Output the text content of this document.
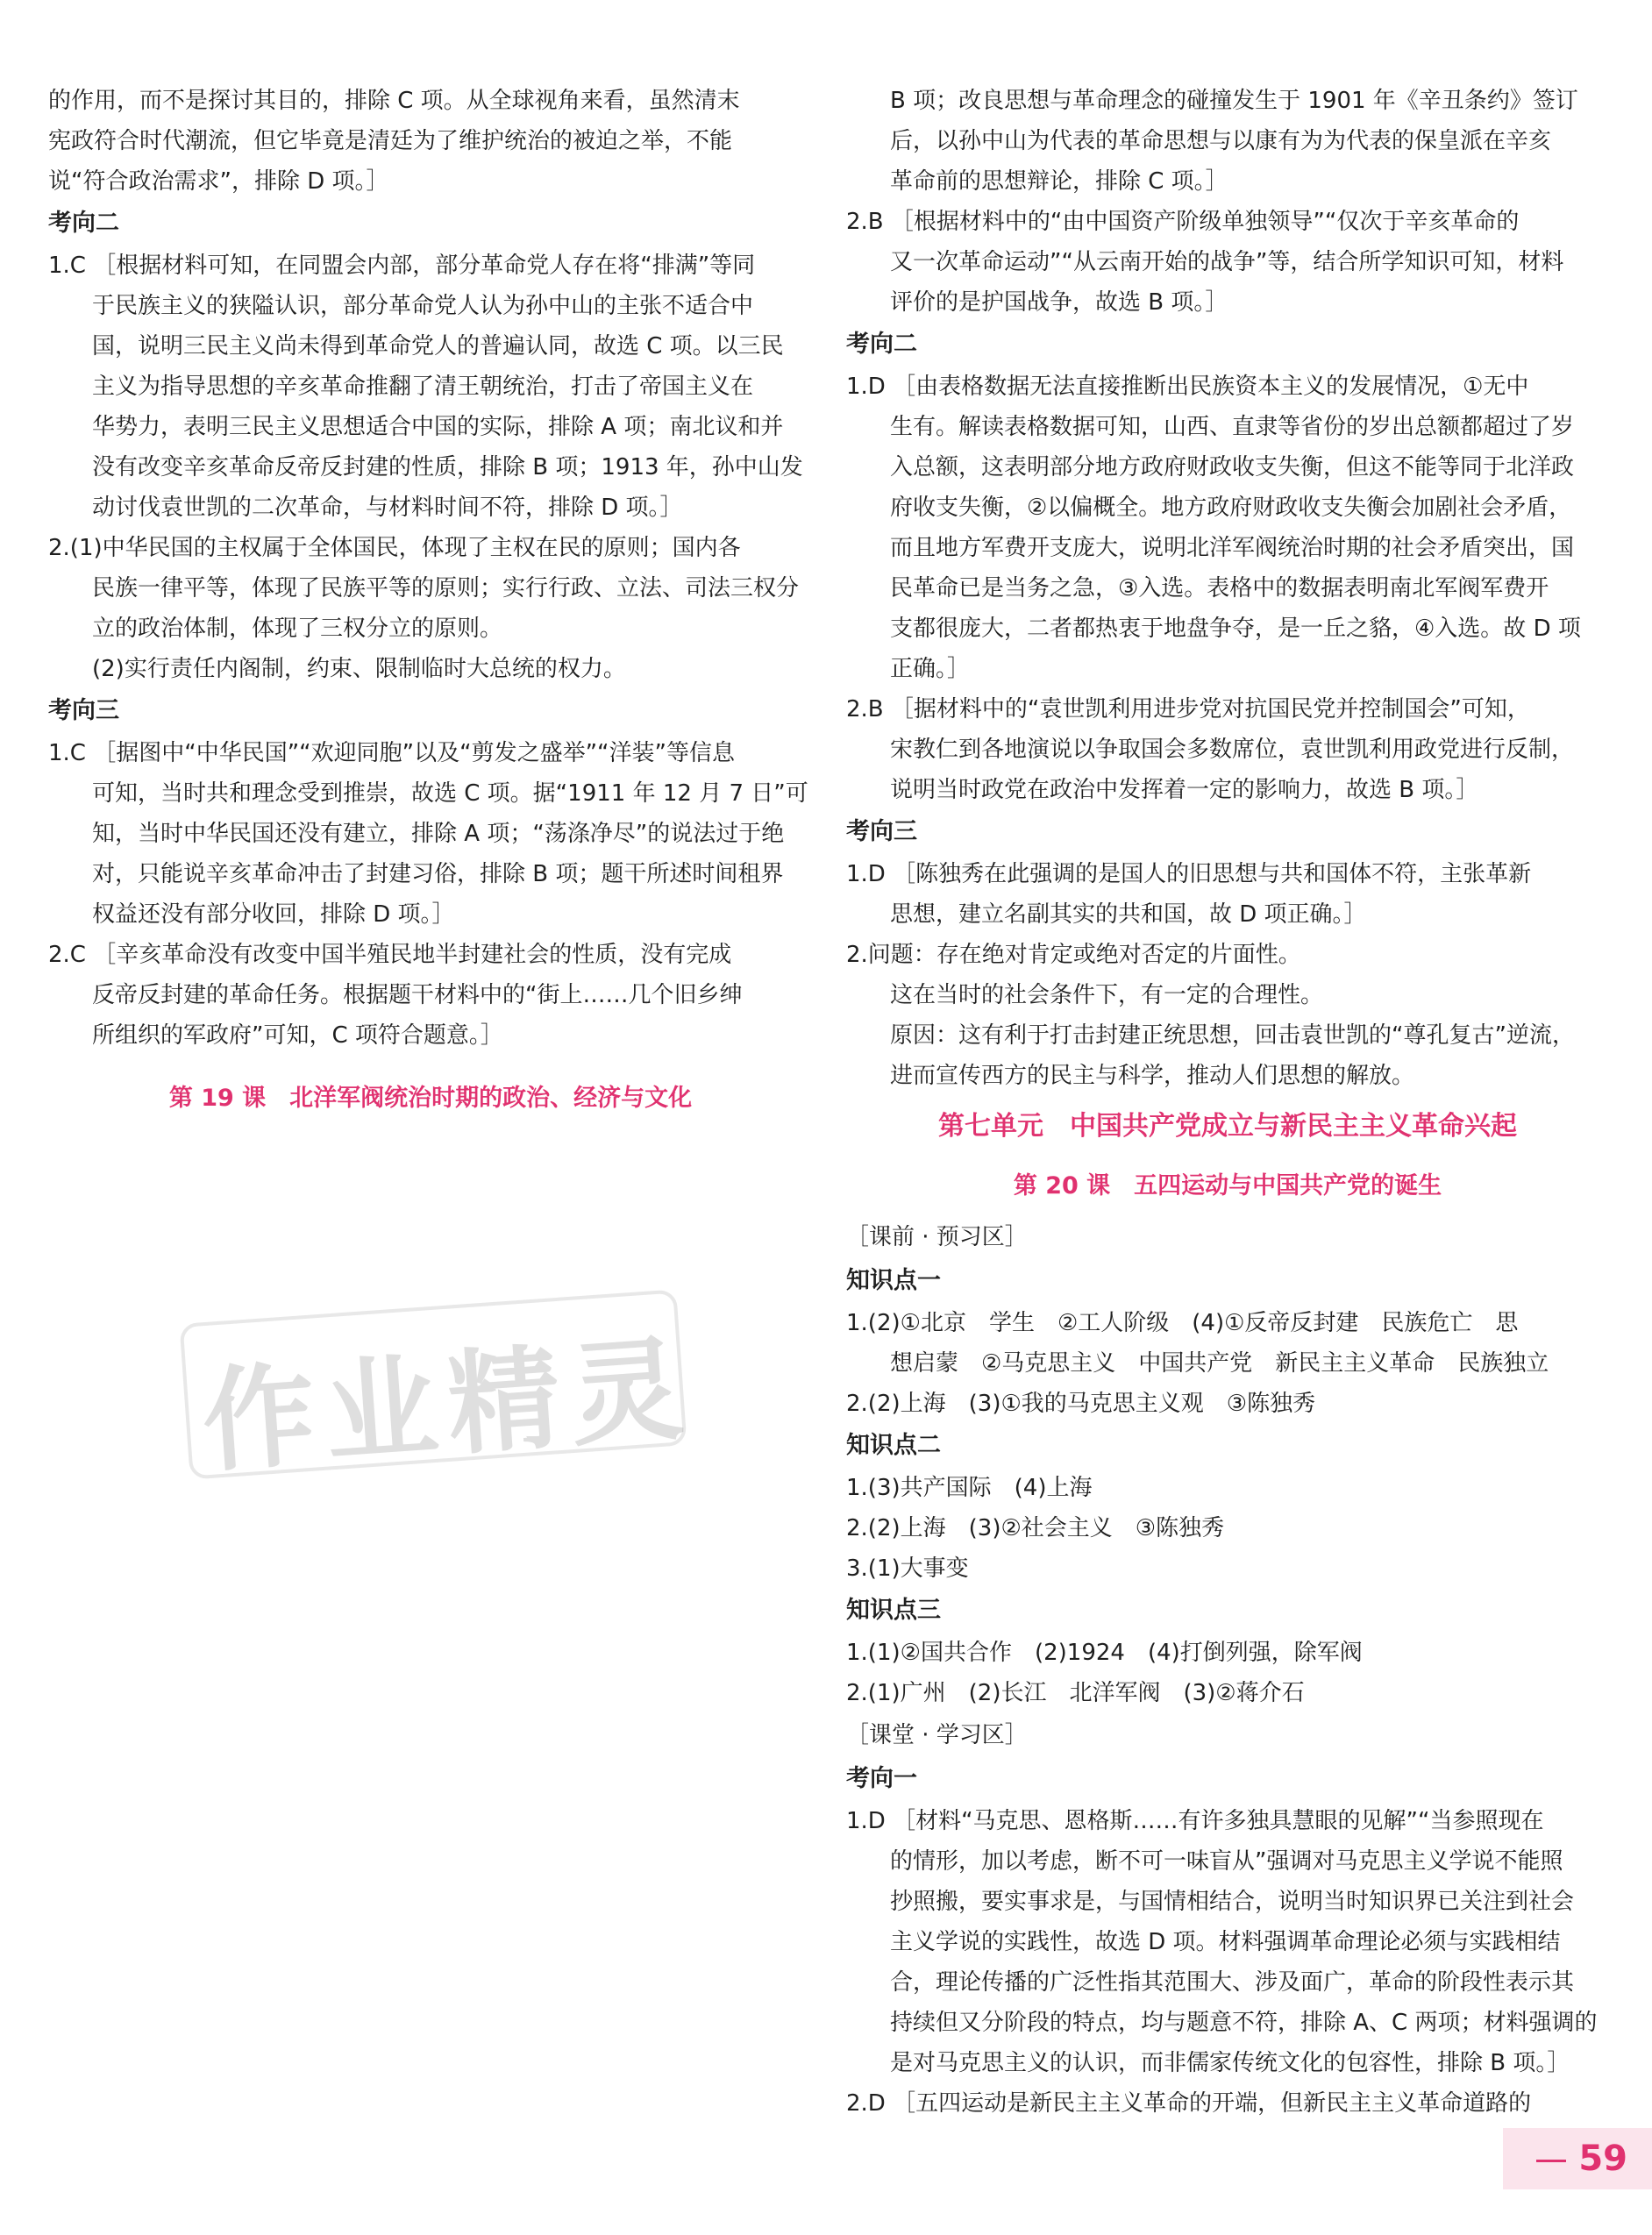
的作用，而不是探讨其目的，排除 C 项。从全球视角来看，虽然清末
宪政符合时代潮流，但它毕竟是清廷为了维护统治的被迫之举，不能
说“符合政治需求”，排除 D 项。］
考向二
1.C ［根据材料可知，在同盟会内部，部分革命党人存在将“排满”等同
于民族主义的狭隘认识，部分革命党人认为孙中山的主张不适合中
国，说明三民主义尚未得到革命党人的普遍认同，故选 C 项。以三民
主义为指导思想的辛亥革命推翻了清王朝统治，打击了帝国主义在
华势力，表明三民主义思想适合中国的实际，排除 A 项；南北议和并
没有改变辛亥革命反帝反封建的性质，排除 B 项；1913 年，孙中山发
动讨伐袁世凯的二次革命，与材料时间不符，排除 D 项。］
2.(1)中华民国的主权属于全体国民，体现了主权在民的原则；国内各
民族一律平等，体现了民族平等的原则；实行行政、立法、司法三权分
立的政治体制，体现了三权分立的原则。
(2)实行责任内阁制，约束、限制临时大总统的权力。
考向三
1.C ［据图中“中华民国”“欢迎同胞”以及“剪发之盛举”“洋装”等信息
可知，当时共和理念受到推崇，故选 C 项。据“1911 年 12 月 7 日”可
知，当时中华民国还没有建立，排除 A 项；“荡涤净尽”的说法过于绝
对，只能说辛亥革命冲击了封建习俗，排除 B 项；题干所述时间租界
权益还没有部分收回，排除 D 项。］
2.C ［辛亥革命没有改变中国半殖民地半封建社会的性质，没有完成
反帝反封建的革命任务。根据题干材料中的“街上……几个旧乡绅
所组织的军政府”可知，C 项符合题意。］
第 19 课　北洋军阀统治时期的政治、经济与文化
B 项；改良思想与革命理念的碰撞发生于 1901 年《辛丑条约》签订
后，以孙中山为代表的革命思想与以康有为为代表的保皇派在辛亥
革命前的思想辩论，排除 C 项。］
2.B ［根据材料中的“由中国资产阶级单独领导”“仅次于辛亥革命的
又一次革命运动”“从云南开始的战争”等，结合所学知识可知，材料
评价的是护国战争，故选 B 项。］
考向二
1.D ［由表格数据无法直接推断出民族资本主义的发展情况，①无中
生有。解读表格数据可知，山西、直隶等省份的岁出总额都超过了岁
入总额，这表明部分地方政府财政收支失衡，但这不能等同于北洋政
府收支失衡，②以偏概全。地方政府财政收支失衡会加剧社会矛盾，
而且地方军费开支庞大，说明北洋军阀统治时期的社会矛盾突出，国
民革命已是当务之急，③入选。表格中的数据表明南北军阀军费开
支都很庞大，二者都热衷于地盘争夺，是一丘之貉，④入选。故 D 项
正确。］
2.B ［据材料中的“袁世凯利用进步党对抗国民党并控制国会”可知，
宋教仁到各地演说以争取国会多数席位，袁世凯利用政党进行反制，
说明当时政党在政治中发挥着一定的影响力，故选 B 项。］
考向三
1.D ［陈独秀在此强调的是国人的旧思想与共和国体不符，主张革新
思想，建立名副其实的共和国，故 D 项正确。］
2.问题：存在绝对肯定或绝对否定的片面性。
这在当时的社会条件下，有一定的合理性。
原因：这有利于打击封建正统思想，回击袁世凯的“尊孔复古”逆流，
进而宣传西方的民主与科学，推动人们思想的解放。
第七单元　中国共产党成立与新民主主义革命兴起
第 20 课　五四运动与中国共产党的诞生
［课前 · 预习区］
知识点一
1.(2)①北京　学生　②工人阶级　(4)①反帝反封建　民族危亡　思
想启蒙　②马克思主义　中国共产党　新民主主义革命　民族独立
2.(2)上海　(3)①我的马克思主义观　③陈独秀
知识点二
1.(3)共产国际　(4)上海
2.(2)上海　(3)②社会主义　③陈独秀
3.(1)大事变
知识点三
1.(1)②国共合作　(2)1924　(4)打倒列强，除军阀
2.(1)广州　(2)长江　北洋军阀　(3)②蒋介石
［课堂 · 学习区］
考向一
1.D ［材料“马克思、恩格斯……有许多独具慧眼的见解”“当参照现在
的情形，加以考虑，断不可一味盲从”强调对马克思主义学说不能照
抄照搬，要实事求是，与国情相结合，说明当时知识界已关注到社会
主义学说的实践性，故选 D 项。材料强调革命理论必须与实践相结
合，理论传播的广泛性指其范围大、涉及面广，革命的阶段性表示其
持续但又分阶段的特点，均与题意不符，排除 A、C 两项；材料强调的
是对马克思主义的认识，而非儒家传统文化的包容性，排除 B 项。］
2.D ［五四运动是新民主主义革命的开端，但新民主主义革命道路的
作业精灵
59
